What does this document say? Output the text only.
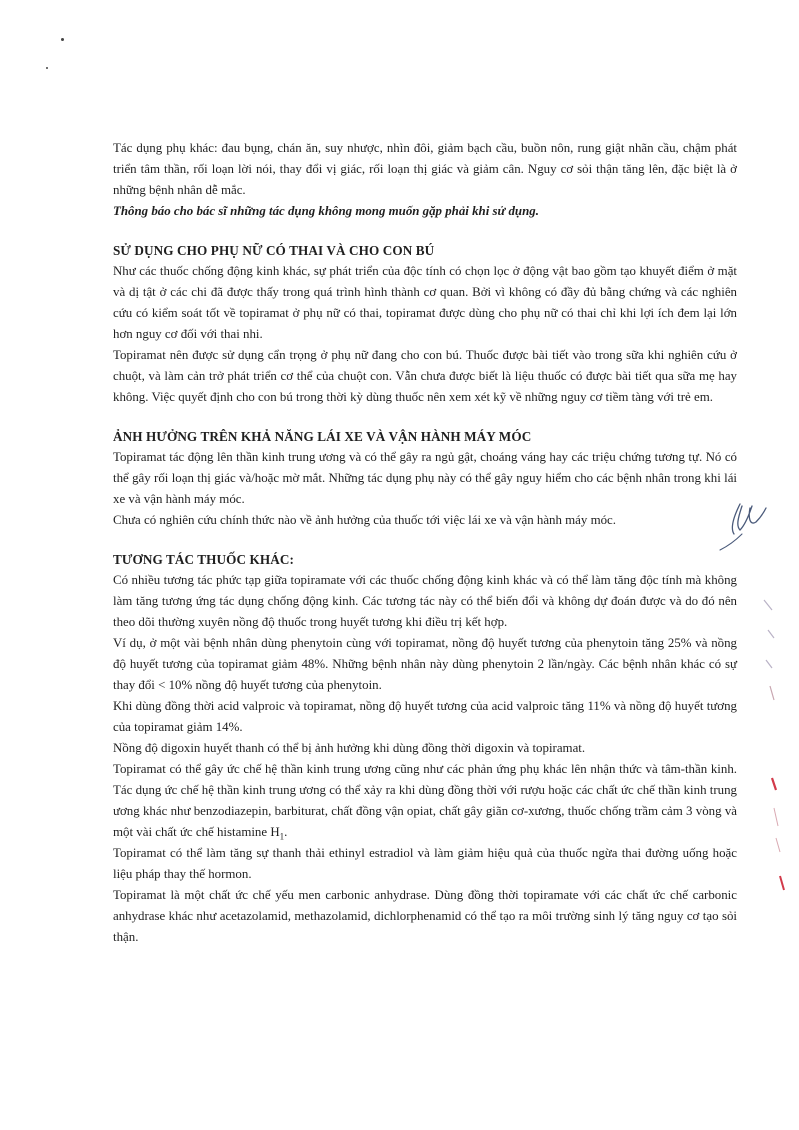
Tác dụng phụ khác: đau bụng, chán ăn, suy nhược, nhìn đôi, giảm bạch cầu, buồn nôn, rung giật nhãn cầu, chậm phát triển tâm thần, rối loạn lời nói, thay đổi vị giác, rối loạn thị giác và giảm cân. Nguy cơ sỏi thận tăng lên, đặc biệt là ở những bệnh nhân dễ mắc.

Thông báo cho bác sĩ những tác dụng không mong muốn gặp phải khi sử dụng.

SỬ DỤNG CHO PHỤ NỮ CÓ THAI VÀ CHO CON BÚ

Như các thuốc chống động kinh khác, sự phát triển của độc tính có chọn lọc ở động vật bao gồm tạo khuyết điểm ở mặt và dị tật ở các chi đã được thấy trong quá trình hình thành cơ quan. Bởi vì không có đầy đủ bằng chứng và các nghiên cứu có kiểm soát tốt về topiramat ở phụ nữ có thai, topiramat được dùng cho phụ nữ có thai chỉ khi lợi ích đem lại lớn hơn nguy cơ đối với thai nhi.

Topiramat nên được sử dụng cẩn trọng ở phụ nữ đang cho con bú. Thuốc được bài tiết vào trong sữa khi nghiên cứu ở chuột, và làm cản trở phát triển cơ thể của chuột con. Vẫn chưa được biết là liệu thuốc có được bài tiết qua sữa mẹ hay không. Việc quyết định cho con bú trong thời kỳ dùng thuốc nên xem xét kỹ về những nguy cơ tiềm tàng với trẻ em.

ẢNH HƯỞNG TRÊN KHẢ NĂNG LÁI XE VÀ VẬN HÀNH MÁY MÓC

Topiramat tác động lên thần kinh trung ương và có thể gây ra ngủ gật, choáng váng hay các triệu chứng tương tự. Nó có thể gây rối loạn thị giác và/hoặc mờ mắt. Những tác dụng phụ này có thể gây nguy hiểm cho các bệnh nhân trong khi lái xe và vận hành máy móc.

Chưa có nghiên cứu chính thức nào về ảnh hưởng của thuốc tới việc lái xe và vận hành máy móc.

TƯƠNG TÁC THUỐC KHÁC:

Có nhiều tương tác phức tạp giữa topiramate với các thuốc chống động kinh khác và có thể làm tăng độc tính mà không làm tăng tương ứng tác dụng chống động kinh. Các tương tác này có thể biến đổi và không dự đoán được và do đó nên theo dõi thường xuyên nồng độ thuốc trong huyết tương khi điều trị kết hợp.

Ví dụ, ở một vài bệnh nhân dùng phenytoin cùng với topiramat, nồng độ huyết tương của phenytoin tăng 25% và nồng độ huyết tương của topiramat giảm 48%. Những bệnh nhân này dùng phenytoin 2 lần/ngày. Các bệnh nhân khác có sự thay đổi < 10% nồng độ huyết tương của phenytoin.

Khi dùng đồng thời acid valproic và topiramat, nồng độ huyết tương của acid valproic tăng 11% và nồng độ huyết tương của topiramat giảm 14%.

Nồng độ digoxin huyết thanh có thể bị ảnh hưởng khi dùng đồng thời digoxin và topiramat.

Topiramat có thể gây ức chế hệ thần kinh trung ương cũng như các phản ứng phụ khác lên nhận thức và tâm-thần kinh. Tác dụng ức chế hệ thần kinh trung ương có thể xảy ra khi dùng đồng thời với rượu hoặc các chất ức chế thần kinh trung ương khác như benzodiazepin, barbiturat, chất đồng vận opiat, chất gây giãn cơ-xương, thuốc chống trầm cảm 3 vòng và một vài chất ức chế histamine $H_1$.

Topiramat có thể làm tăng sự thanh thải ethinyl estradiol và làm giảm hiệu quả của thuốc ngừa thai đường uống hoặc liệu pháp thay thế hormon.

Topiramat là một chất ức chế yếu men carbonic anhydrase. Dùng đồng thời topiramate với các chất ức chế carbonic anhydrase khác như acetazolamid, methazolamid, dichlorphenamid có thể tạo ra môi trường sinh lý tăng nguy cơ tạo sỏi thận.
